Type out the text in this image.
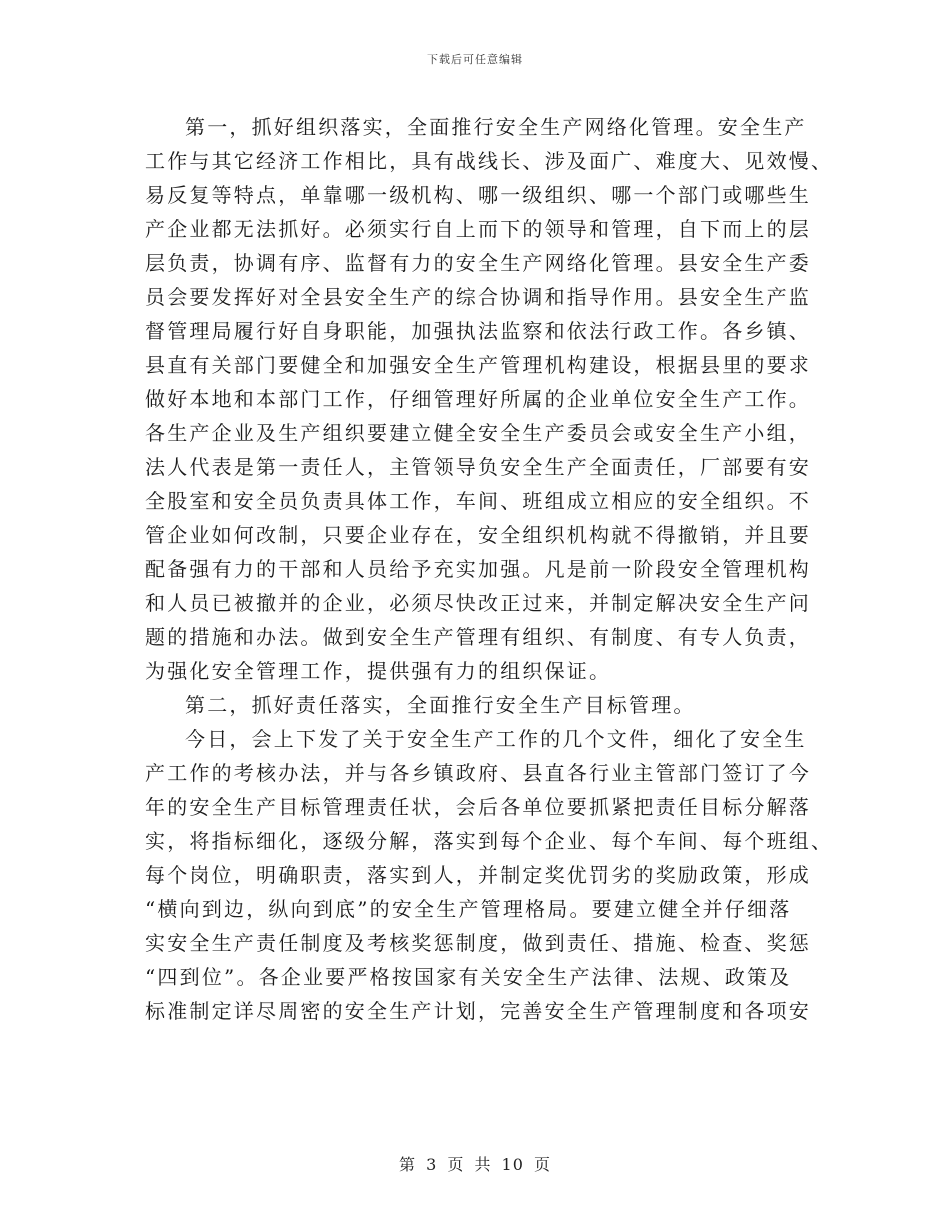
下载后可任意编辑

第一，抓好组织落实，全面推行安全生产网络化管理。安全生产
工作与其它经济工作相比，具有战线长、涉及面广、难度大、见效慢、
易反复等特点，单靠哪一级机构、哪一级组织、哪一个部门或哪些生
产企业都无法抓好。必须实行自上而下的领导和管理，自下而上的层
层负责，协调有序、监督有力的安全生产网络化管理。县安全生产委
员会要发挥好对全县安全生产的综合协调和指导作用。县安全生产监
督管理局履行好自身职能，加强执法监察和依法行政工作。各乡镇、
县直有关部门要健全和加强安全生产管理机构建设，根据县里的要求
做好本地和本部门工作，仔细管理好所属的企业单位安全生产工作。
各生产企业及生产组织要建立健全安全生产委员会或安全生产小组，
法人代表是第一责任人，主管领导负安全生产全面责任，厂部要有安
全股室和安全员负责具体工作，车间、班组成立相应的安全组织。不
管企业如何改制，只要企业存在，安全组织机构就不得撤销，并且要
配备强有力的干部和人员给予充实加强。凡是前一阶段安全管理机构
和人员已被撤并的企业，必须尽快改正过来，并制定解决安全生产问
题的措施和办法。做到安全生产管理有组织、有制度、有专人负责，
为强化安全管理工作，提供强有力的组织保证。

第二，抓好责任落实，全面推行安全生产目标管理。

今日，会上下发了关于安全生产工作的几个文件，细化了安全生
产工作的考核办法，并与各乡镇政府、县直各行业主管部门签订了今
年的安全生产目标管理责任状，会后各单位要抓紧把责任目标分解落
实，将指标细化，逐级分解，落实到每个企业、每个车间、每个班组、
每个岗位，明确职责，落实到人，并制定奖优罚劣的奖励政策，形成
“横向到边，纵向到底”的安全生产管理格局。要建立健全并仔细落
实安全生产责任制度及考核奖惩制度，做到责任、措施、检查、奖惩
“四到位”。各企业要严格按国家有关安全生产法律、法规、政策及
标准制定详尽周密的安全生产计划，完善安全生产管理制度和各项安

第 3 页 共 10 页
